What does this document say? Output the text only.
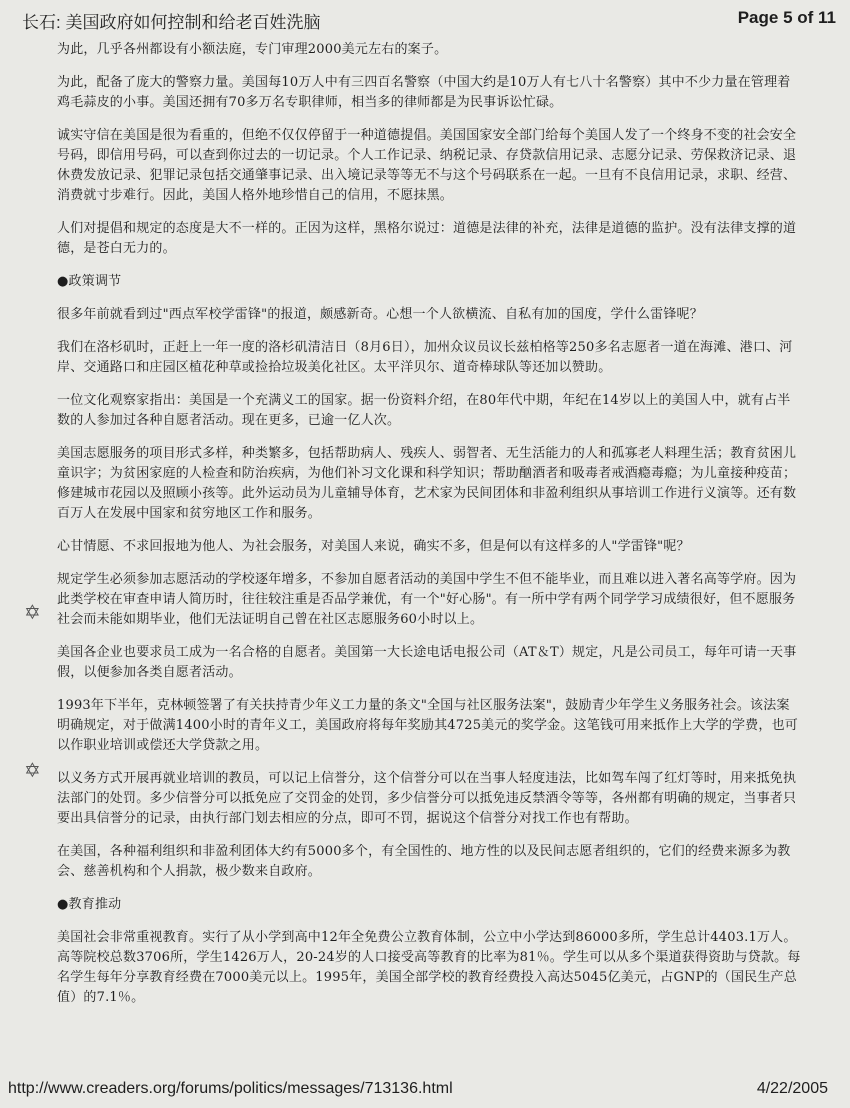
长石: 美国政府如何控制和给老百姓洗脑	Page 5 of 11

为此，几乎各州都设有小额法庭，专门审理2000美元左右的案子。

为此，配备了庞大的警察力量。美国每10万人中有三四百名警察（中国大约是10万人有七八十名警察）其中不少力量在管理着鸡毛蒜皮的小事。美国还拥有70多万名专职律师，相当多的律师都是为民事诉讼忙碌。

诚实守信在美国是很为看重的，但绝不仅仅停留于一种道德提倡。美国国家安全部门给每个美国人发了一个终身不变的社会安全号码，即信用号码，可以查到你过去的一切记录。个人工作记录、纳税记录、存贷款信用记录、志愿分记录、劳保救济记录、退休费发放记录、犯罪记录包括交通肇事记录、出入境记录等等无不与这个号码联系在一起。一旦有不良信用记录，求职、经营、消费就寸步难行。因此，美国人格外地珍惜自己的信用，不愿抹黑。

人们对提倡和规定的态度是大不一样的。正因为这样，黑格尔说过：道德是法律的补充，法律是道德的监护。没有法律支撑的道德，是苍白无力的。

●政策调节

很多年前就看到过"西点军校学雷锋"的报道，颇感新奇。心想一个人欲横流、自私有加的国度，学什么雷锋呢？

我们在洛杉矶时，正赶上一年一度的洛杉矶清洁日（8月6日），加州众议员议长兹柏格等250多名志愿者一道在海滩、港口、河岸、交通路口和庄园区植花种草或捡拾垃圾美化社区。太平洋贝尔、道奇棒球队等还加以赞助。

一位文化观察家指出：美国是一个充满义工的国家。据一份资料介绍，在80年代中期，年纪在14岁以上的美国人中，就有占半数的人参加过各种自愿者活动。现在更多，已逾一亿人次。

美国志愿服务的项目形式多样，种类繁多，包括帮助病人、残疾人、弱智者、无生活能力的人和孤寡老人料理生活；教育贫困儿童识字；为贫困家庭的人检查和防治疾病，为他们补习文化课和科学知识；帮助酗酒者和吸毒者戒酒瘾毒瘾；为儿童接种疫苗；修建城市花园以及照顾小孩等。此外运动员为儿童辅导体育，艺术家为民间团体和非盈利组织从事培训工作进行义演等。还有数百万人在发展中国家和贫穷地区工作和服务。

心甘情愿、不求回报地为他人、为社会服务，对美国人来说，确实不多，但是何以有这样多的人"学雷锋"呢？

规定学生必须参加志愿活动的学校逐年增多，不参加自愿者活动的美国中学生不但不能毕业，而且难以进入著名高等学府。因为此类学校在审查申请人简历时，往往较注重是否品学兼优，有一个"好心肠"。有一所中学有两个同学学习成绩很好，但不愿服务社会而未能如期毕业，他们无法证明自己曾在社区志愿服务60小时以上。

美国各企业也要求员工成为一名合格的自愿者。美国第一大长途电话电报公司（AT＆T）规定，凡是公司员工，每年可请一天事假，以便参加各类自愿者活动。

1993年下半年，克林顿签署了有关扶持青少年义工力量的条文"全国与社区服务法案"，鼓励青少年学生义务服务社会。该法案明确规定，对于做满1400小时的青年义工，美国政府将每年奖励其4725美元的奖学金。这笔钱可用来抵作上大学的学费，也可以作职业培训或偿还大学贷款之用。

以义务方式开展再就业培训的教员，可以记上信誉分，这个信誉分可以在当事人轻度违法，比如驾车闯了红灯等时，用来抵免执法部门的处罚。多少信誉分可以抵免应了交罚金的处罚，多少信誉分可以抵免违反禁酒令等等，各州都有明确的规定，当事者只要出具信誉分的记录，由执行部门划去相应的分点，即可不罚，据说这个信誉分对找工作也有帮助。

在美国，各种福利组织和非盈利团体大约有5000多个，有全国性的、地方性的以及民间志愿者组织的，它们的经费来源多为教会、慈善机构和个人捐款，极少数来自政府。

●教育推动

美国社会非常重视教育。实行了从小学到高中12年全免费公立教育体制，公立中小学达到86000多所，学生总计4403.1万人。高等院校总数3706所，学生1426万人，20-24岁的人口接受高等教育的比率为81％。学生可以从多个渠道获得资助与贷款。每名学生每年分享教育经费在7000美元以上。1995年，美国全部学校的教育经费投入高达5045亿美元，占GNP的（国民生产总值）的7.1％。

✡
✡
http://www.creaders.org/forums/politics/messages/713136.html	4/22/2005
